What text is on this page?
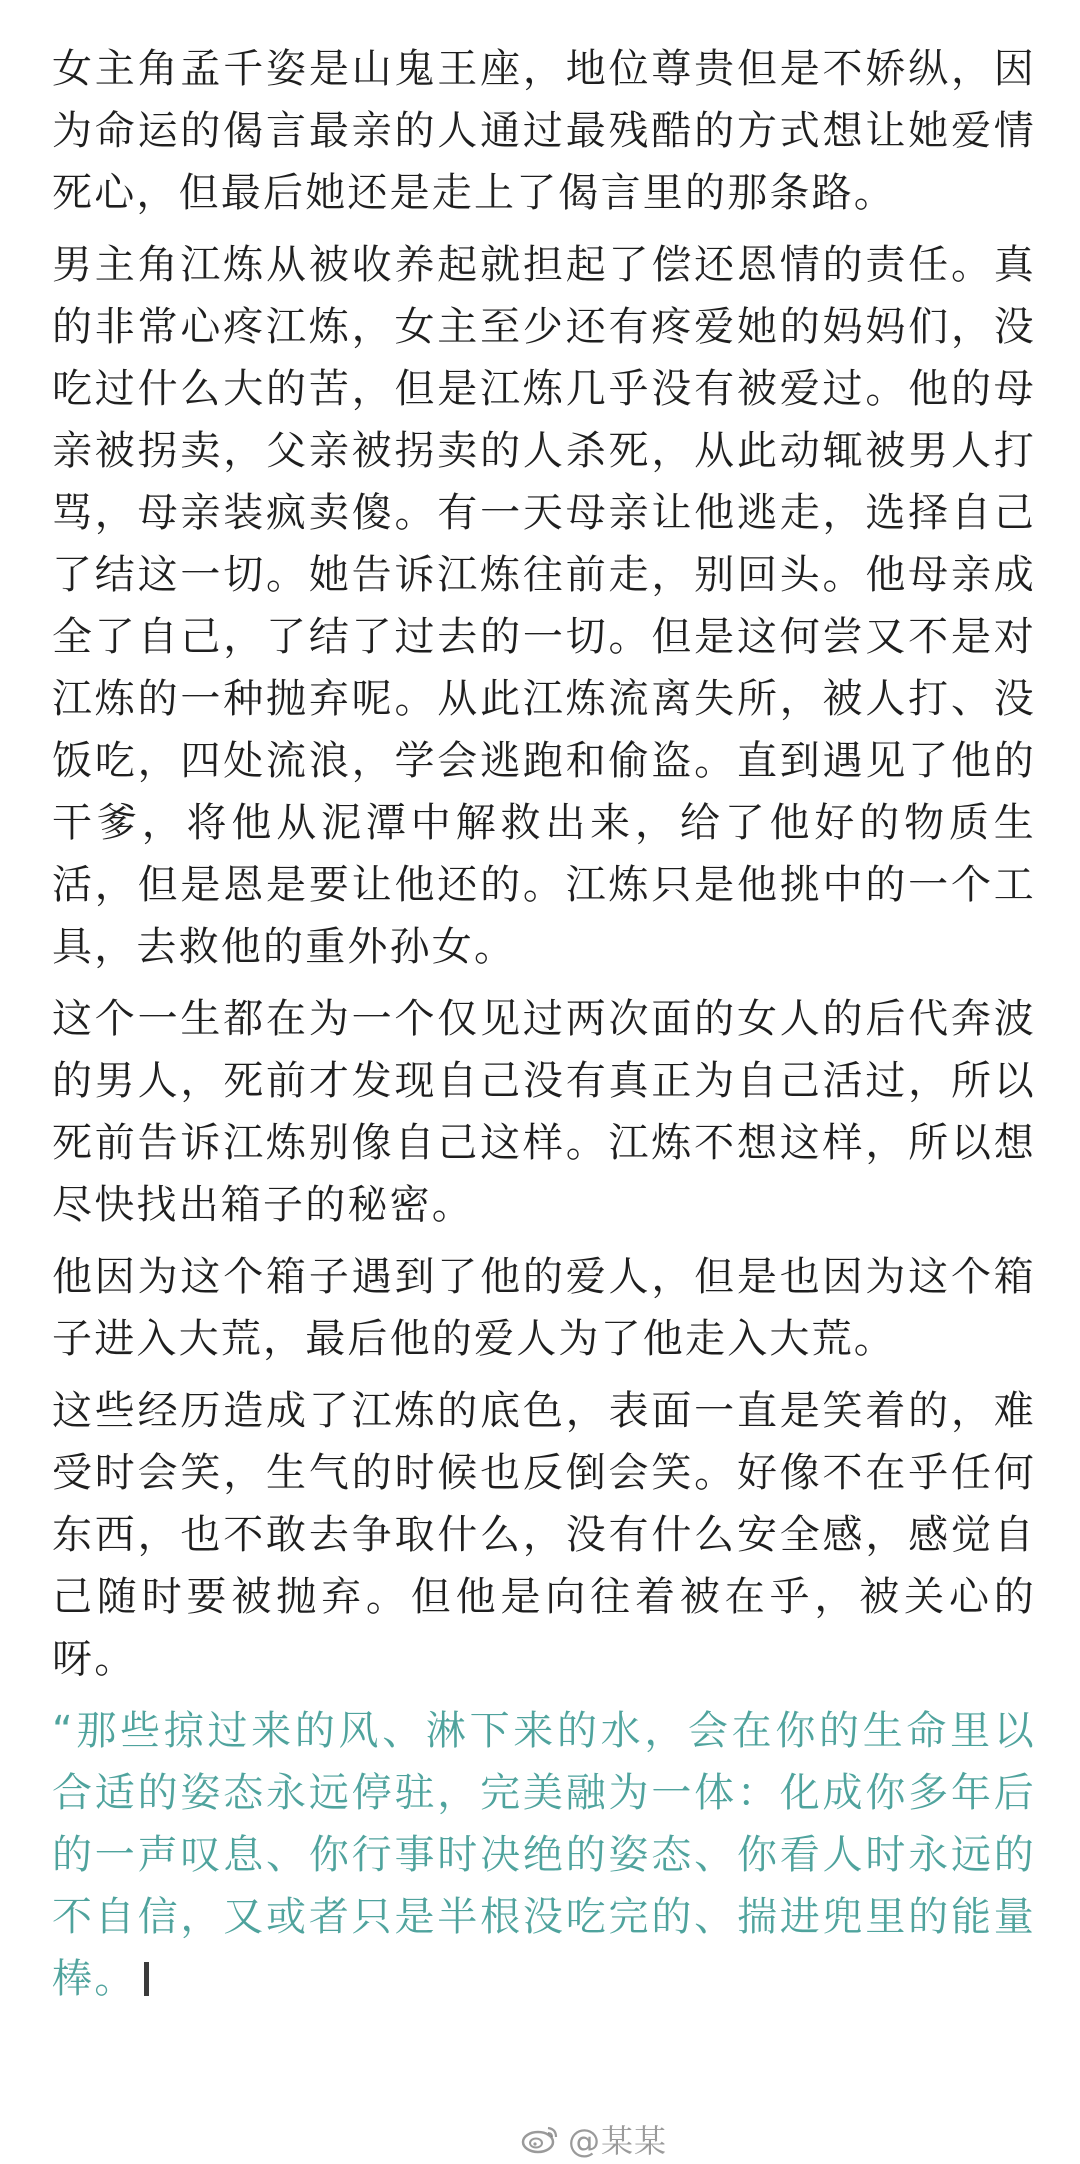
女主角孟千姿是山鬼王座，地位尊贵但是不娇纵，因为命运的偈言最亲的人通过最残酷的方式想让她爱情死心，但最后她还是走上了偈言里的那条路。

男主角江炼从被收养起就担起了偿还恩情的责任。真的非常心疼江炼，女主至少还有疼爱她的妈妈们，没吃过什么大的苦，但是江炼几乎没有被爱过。他的母亲被拐卖，父亲被拐卖的人杀死，从此动辄被男人打骂，母亲装疯卖傻。有一天母亲让他逃走，选择自己了结这一切。她告诉江炼往前走，别回头。他母亲成全了自己，了结了过去的一切。但是这何尝又不是对江炼的一种抛弃呢。从此江炼流离失所，被人打、没饭吃，四处流浪，学会逃跑和偷盗。直到遇见了他的干爹，将他从泥潭中解救出来，给了他好的物质生活，但是恩是要让他还的。江炼只是他挑中的一个工具，去救他的重外孙女。

这个一生都在为一个仅见过两次面的女人的后代奔波的男人，死前才发现自己没有真正为自己活过，所以死前告诉江炼别像自己这样。江炼不想这样，所以想尽快找出箱子的秘密。

他因为这个箱子遇到了他的爱人，但是也因为这个箱子进入大荒，最后他的爱人为了他走入大荒。

这些经历造成了江炼的底色，表面一直是笑着的，难受时会笑，生气的时候也反倒会笑。好像不在乎任何东西，也不敢去争取什么，没有什么安全感，感觉自己随时要被抛弃。但他是向往着被在乎，被关心的呀。

“那些掠过来的风、淋下来的水，会在你的生命里以合适的姿态永远停驻，完美融为一体：化成你多年后的一声叹息、你行事时决绝的姿态、你看人时永远的不自信，又或者只是半根没吃完的、揣进兜里的能量棒。

@某某
